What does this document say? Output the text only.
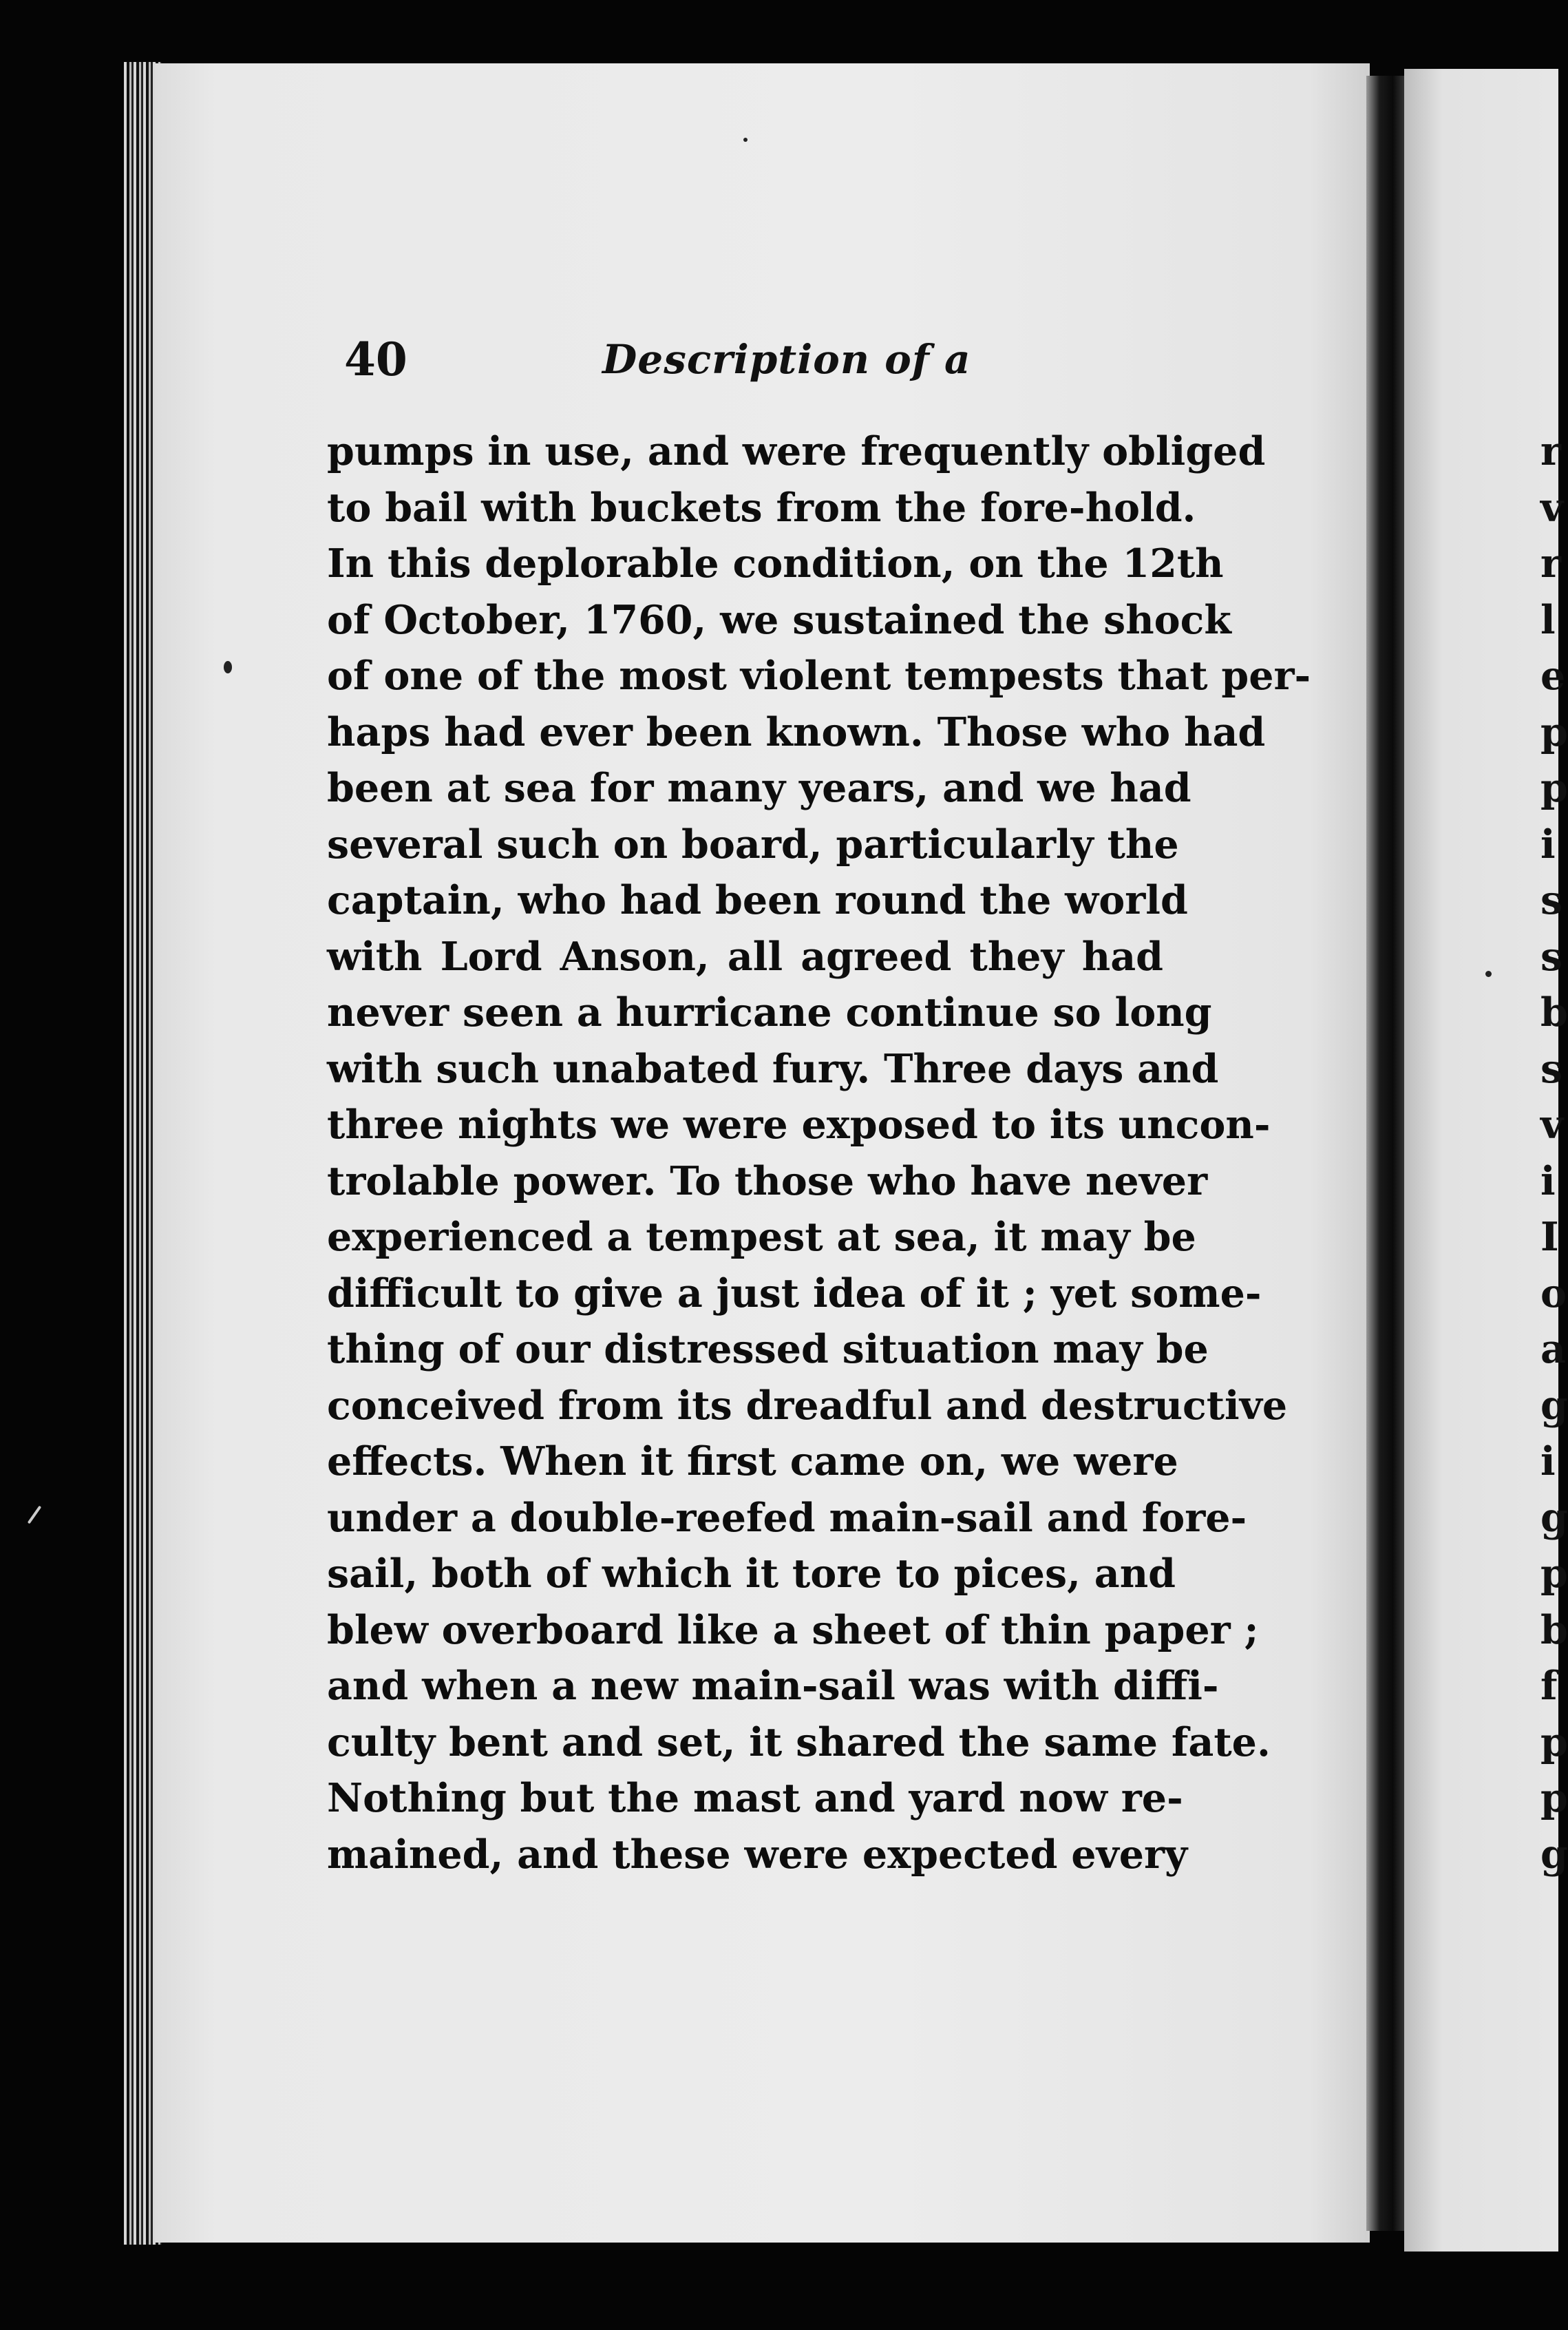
40	Description of a
pumps in use, and were frequently obliged
to bail with buckets from the fore-hold.
In this deplorable condition, on the 12th
of October, 1760, we sustained the shock
of one of the most violent tempests that per-
haps had ever been known. Those who had
been at sea for many years, and we had
several such on board, particularly the
captain, who had been round the world
with Lord Anson, all agreed they had
never seen a hurricane continue so long
with such unabated fury. Three days and
three nights we were exposed to its uncon-
trolable power. To those who have never
experienced a tempest at sea, it may be
difficult to give a just idea of it ; yet some-
thing of our distressed situation may be
conceived from its dreadful and destructive
effects. When it first came on, we were
under a double-reefed main-sail and fore-
sail, both of which it tore to pices, and
blew overboard like a sheet of thin paper ;
and when a new main-sail was with diffi-
culty bent and set, it shared the same fate.
Nothing but the mast and yard now re-
mained, and these were expected every
r
v
r
l
e
p
p
i
s
s
b
s
v
i
I
o
a
g
i
g
p
b
f
p
p
g
